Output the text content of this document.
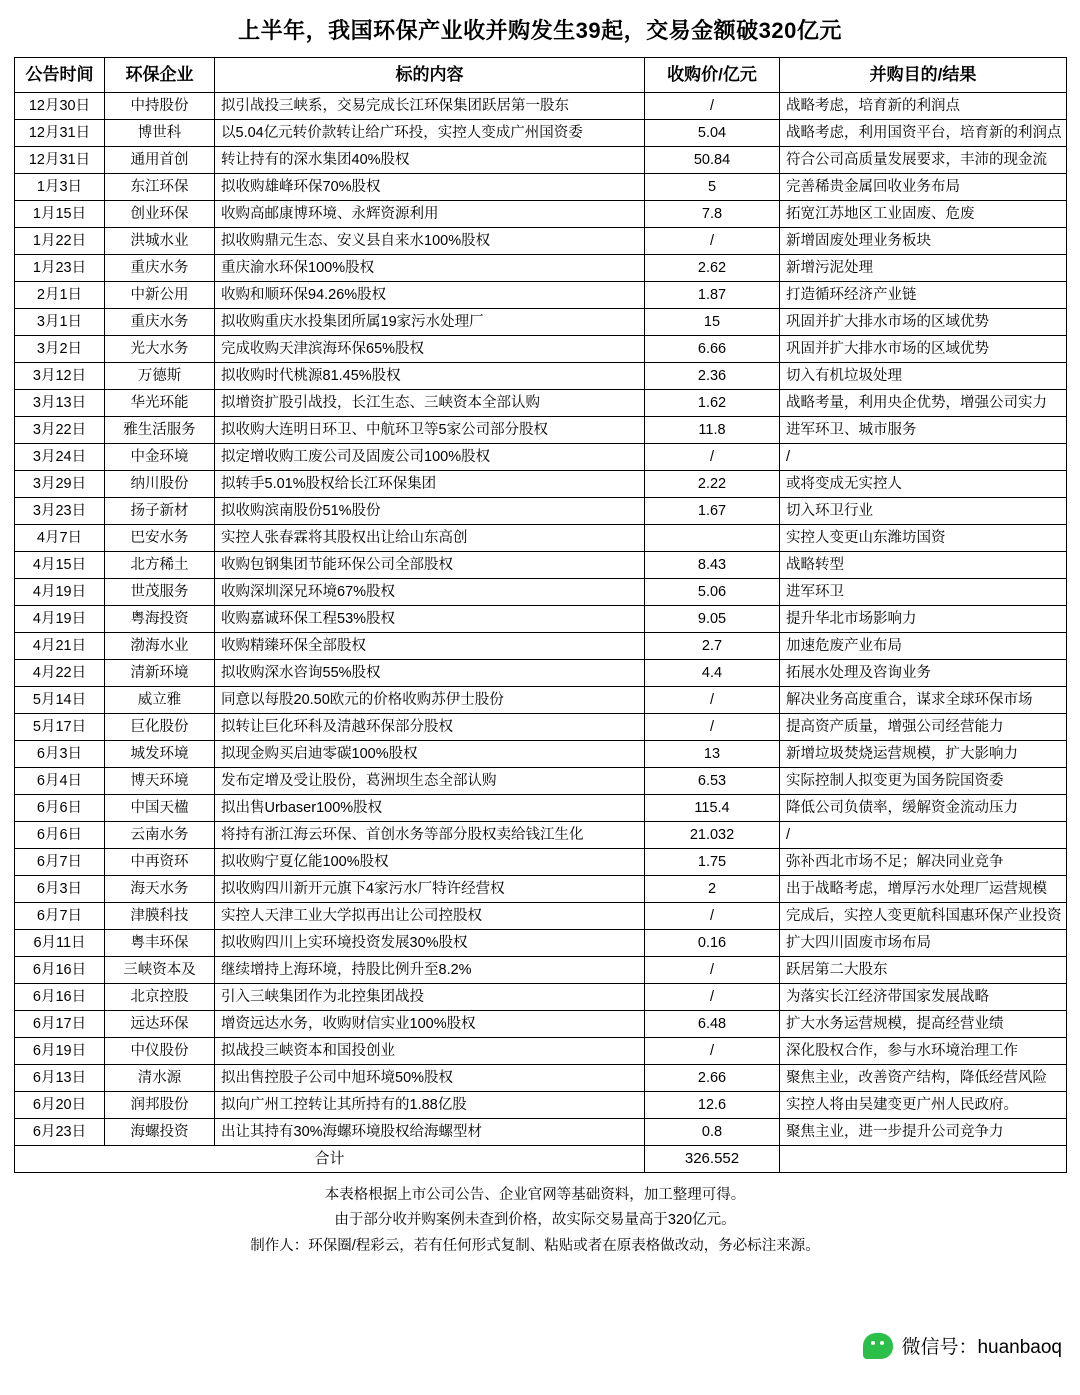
上半年，我国环保产业收并购发生39起，交易金额破320亿元
公告时间	环保企业	标的内容	收购价/亿元	并购目的/结果
12月30日	中持股份	拟引战投三峡系，交易完成长江环保集团跃居第一股东	/	战略考虑，培育新的利润点
12月31日	博世科	以5.04亿元转价款转让给广环投，实控人变成广州国资委	5.04	战略考虑，利用国资平台，培育新的利润点
12月31日	通用首创	转让持有的深水集团40%股权	50.84	符合公司高质量发展要求，丰沛的现金流
1月3日	东江环保	拟收购雄峰环保70%股权	5	完善稀贵金属回收业务布局
1月15日	创业环保	收购高邮康博环境、永辉资源利用	7.8	拓宽江苏地区工业固废、危废
1月22日	洪城水业	拟收购鼎元生态、安义县自来水100%股权	/	新增固废处理业务板块
1月23日	重庆水务	重庆渝水环保100%股权	2.62	新增污泥处理
2月1日	中新公用	收购和顺环保94.26%股权	1.87	打造循环经济产业链
3月1日	重庆水务	拟收购重庆水投集团所属19家污水处理厂	15	巩固并扩大排水市场的区域优势
3月2日	光大水务	完成收购天津滨海环保65%股权	6.66	巩固并扩大排水市场的区域优势
3月12日	万德斯	拟收购时代桃源81.45%股权	2.36	切入有机垃圾处理
3月13日	华光环能	拟增资扩股引战投，长江生态、三峡资本全部认购	1.62	战略考量，利用央企优势，增强公司实力
3月22日	雅生活服务	拟收购大连明日环卫、中航环卫等5家公司部分股权	11.8	进军环卫、城市服务
3月24日	中金环境	拟定增收购工废公司及固废公司100%股权	/	/
3月29日	纳川股份	拟转手5.01%股权给长江环保集团	2.22	或将变成无实控人
3月23日	扬子新材	拟收购滨南股份51%股份	1.67	切入环卫行业
4月7日	巴安水务	实控人张春霖将其股权出让给山东高创		实控人变更山东潍坊国资
4月15日	北方稀土	收购包钢集团节能环保公司全部股权	8.43	战略转型
4月19日	世茂服务	收购深圳深兄环境67%股权	5.06	进军环卫
4月19日	粤海投资	收购嘉诚环保工程53%股权	9.05	提升华北市场影响力
4月21日	渤海水业	收购精臻环保全部股权	2.7	加速危废产业布局
4月22日	清新环境	拟收购深水咨询55%股权	4.4	拓展水处理及咨询业务
5月14日	威立雅	同意以每股20.50欧元的价格收购苏伊士股份	/	解决业务高度重合，谋求全球环保市场
5月17日	巨化股份	拟转让巨化环科及清越环保部分股权	/	提高资产质量，增强公司经营能力
6月3日	城发环境	拟现金购买启迪零碳100%股权	13	新增垃圾焚烧运营规模，扩大影响力
6月4日	博天环境	发布定增及受让股份，葛洲坝生态全部认购	6.53	实际控制人拟变更为国务院国资委
6月6日	中国天楹	拟出售Urbaser100%股权	115.4	降低公司负债率，缓解资金流动压力
6月6日	云南水务	将持有浙江海云环保、首创水务等部分股权卖给钱江生化	21.032	/
6月7日	中再资环	拟收购宁夏亿能100%股权	1.75	弥补西北市场不足；解决同业竞争
6月3日	海天水务	拟收购四川新开元旗下4家污水厂特许经营权	2	出于战略考虑，增厚污水处理厂运营规模
6月7日	津膜科技	实控人天津工业大学拟再出让公司控股权	/	完成后，实控人变更航科国惠环保产业投资
6月11日	粤丰环保	拟收购四川上实环境投资发展30%股权	0.16	扩大四川固废市场布局
6月16日	三峡资本及	继续增持上海环境，持股比例升至8.2%	/	跃居第二大股东
6月16日	北京控股	引入三峡集团作为北控集团战投	/	为落实长江经济带国家发展战略
6月17日	远达环保	增资远达水务，收购财信实业100%股权	6.48	扩大水务运营规模，提高经营业绩
6月19日	中仪股份	拟战投三峡资本和国投创业	/	深化股权合作，参与水环境治理工作
6月13日	清水源	拟出售控股子公司中旭环境50%股权	2.66	聚焦主业，改善资产结构，降低经营风险
6月20日	润邦股份	拟向广州工控转让其所持有的1.88亿股	12.6	实控人将由吴建变更广州人民政府。
6月23日	海螺投资	出让其持有30%海螺环境股权给海螺型材	0.8	聚焦主业，进一步提升公司竞争力
合计			326.552	
本表格根据上市公司公告、企业官网等基础资料，加工整理可得。
由于部分收并购案例未查到价格，故实际交易量高于320亿元。
制作人：环保圈/程彩云，若有任何形式复制、粘贴或者在原表格做改动，务必标注来源。
微信号：huanbaoq
